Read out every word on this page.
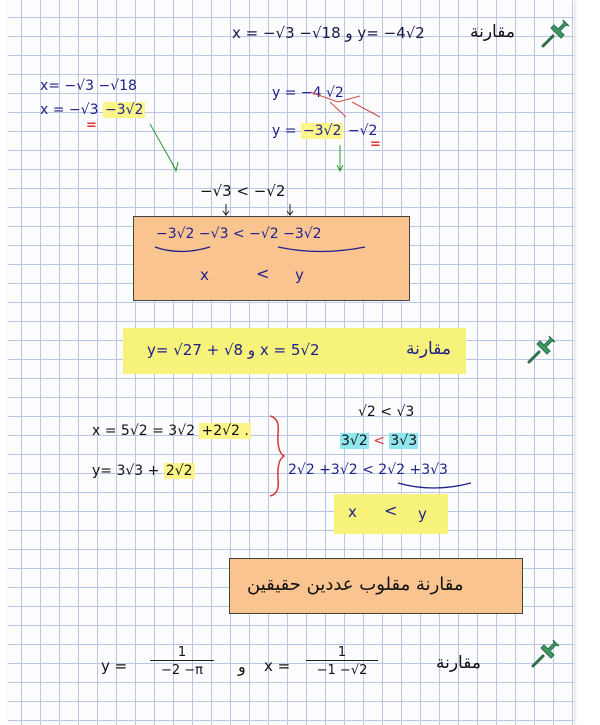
مقارنة
x = −√3 −√18 و y= −4√2
x= −√3 −√18
x = −√3 −3√2
=
y = −4 √2
y = −3√2 −√2
=
−√3 < −√2
−3√2 −√3 < −√2 −3√2
x	< y
y= √27 + √8 و x = 5√2	مقارنة
x = 5√2 = 3√2 +2√2 .
y= 3√3 + 2√2
√2 < √3
3√2 < 3√3
2√2 +3√2 < 2√2 +3√3
x < y
مقارنة مقلوب عددين حقيقين
مقارنة
$y = \frac{1}{-2 -\pi}$ و $x = \frac{1}{-1 -√2}$
